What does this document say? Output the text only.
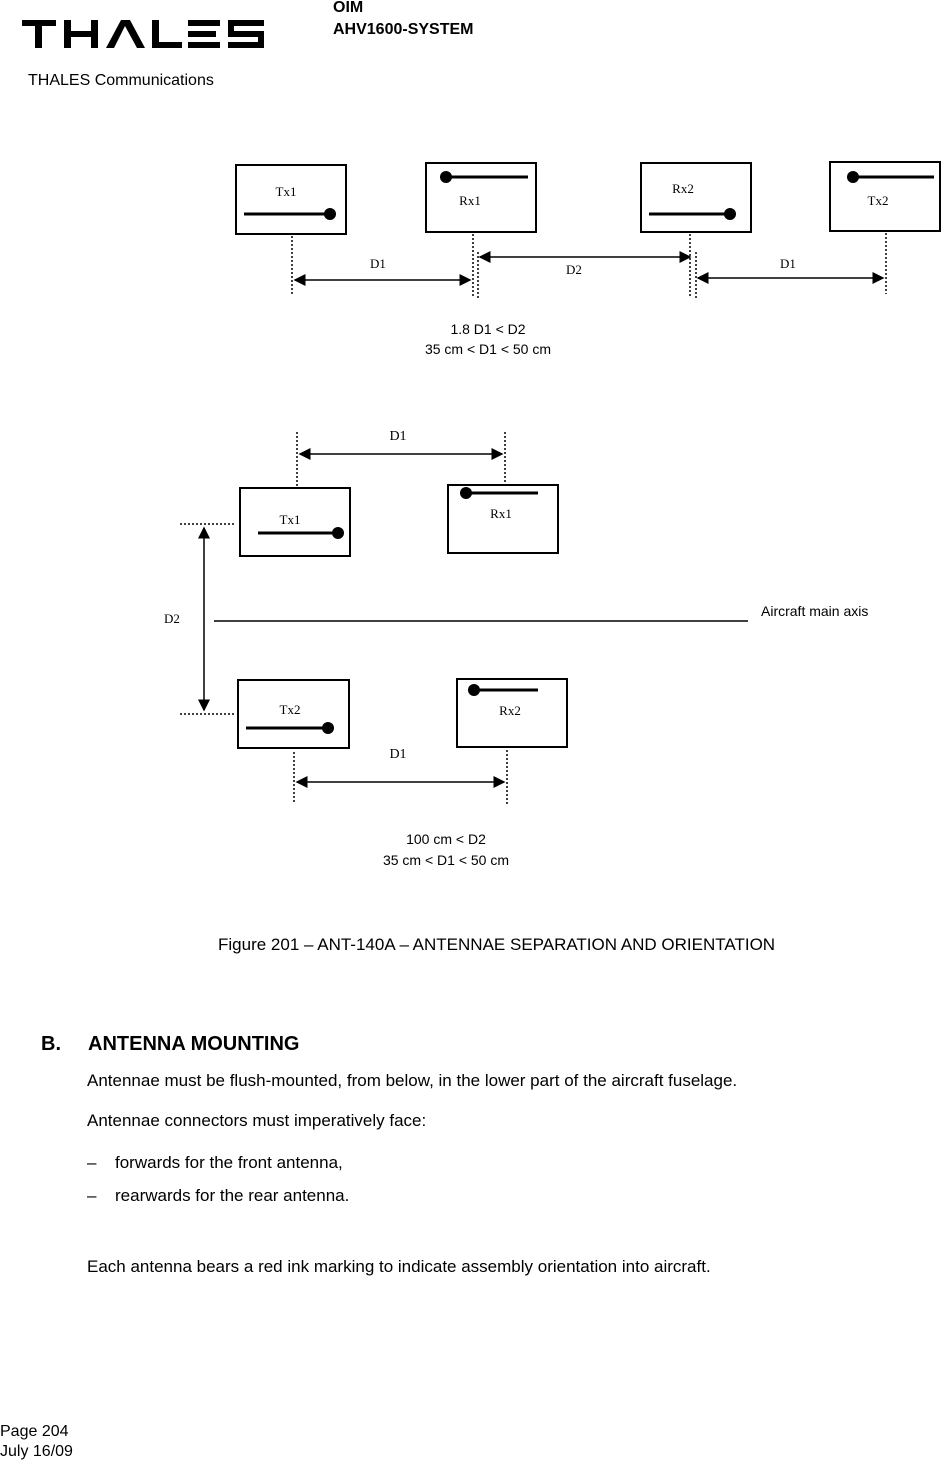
THALES Communications
OIM
AHV1600-SYSTEM
Tx1
Rx1
Rx2
Tx2
D1	D2	D1
1.8 D1 < D2
35 cm < D1 < 50 cm
D1
Tx1	Rx1
D2	Aircraft main axis
Tx2	Rx2
D1
100 cm < D2
35 cm < D1 < 50 cm
Figure 201 – ANT-140A – ANTENNAE SEPARATION AND ORIENTATION
B. ANTENNA MOUNTING
Antennae must be flush-mounted, from below, in the lower part of the aircraft fuselage.
Antennae connectors must imperatively face:
– forwards for the front antenna,
– rearwards for the rear antenna.
Each antenna bears a red ink marking to indicate assembly orientation into aircraft.
Page 204
July 16/09
